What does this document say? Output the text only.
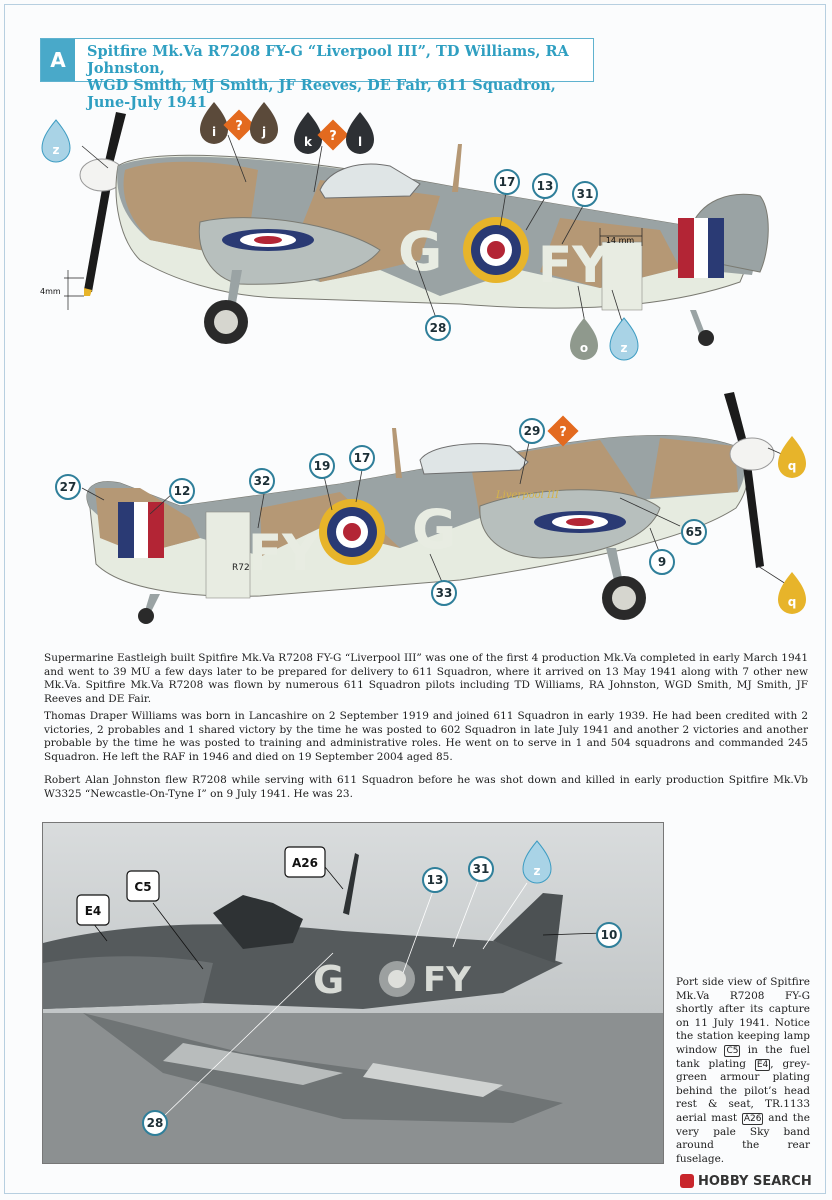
A	Spitfire Mk.Va R7208 FY-G “Liverpool III”, TD Williams, RA Johnston,
WGD Smith, MJ Smith, JF Reeves, DE Fair, 611 Squadron, June-July 1941
G FY
4mm
14 mm
z
i ? j
k ? l
o	z
17 13
31
28
FY G
R72
Liverpool III
q
q
?
27	12
32
19
17
29
65
9
33

Supermarine Eastleigh built Spitfire Mk.Va R7208 FY-G “Liverpool III” was one of the first 4 production Mk.Va completed in early March 1941 and went to 39 MU a few days later to be prepared for delivery to 611 Squadron, where it arrived on 13 May 1941 along with 7 other new Mk.Va. Spitfire Mk.Va R7208 was flown by numerous 611 Squadron pilots including TD Williams, RA Johnston, WGD Smith, MJ Smith, JF Reeves and DE Fair.

Thomas Draper Williams was born in Lancashire on 2 September 1919 and joined 611 Squadron in early 1939. He had been credited with 2 victories, 2 probables and 1 shared victory by the time he was posted to 602 Squadron in late July 1941 and another 2 victories and another probable by the time he was posted to training and administrative roles. He went on to serve in 1 and 504 squadrons and commanded 245 Squadron. He left the RAF in 1946 and died on 19 September 2004 aged 85.

Robert Alan Johnston flew R7208 while serving with 611 Squadron before he was shot down and killed in early production Spitfire Mk.Vb W3325 “Newcastle-On-Tyne I” on 9 July 1941. He was 23.

G FY
E4
C5
A26
13
31
10
28
z
Port side view of Spitfire Mk.Va R7208 FY-G shortly after its capture on 11 July 1941. Notice the station keeping lamp window C5 in the fuel tank plating E4 , grey-green armour plating behind the pilot’s head rest & seat, TR.1133 aerial mast A26 and the very pale Sky band around the rear fuselage.
HOBBY SEARCH
